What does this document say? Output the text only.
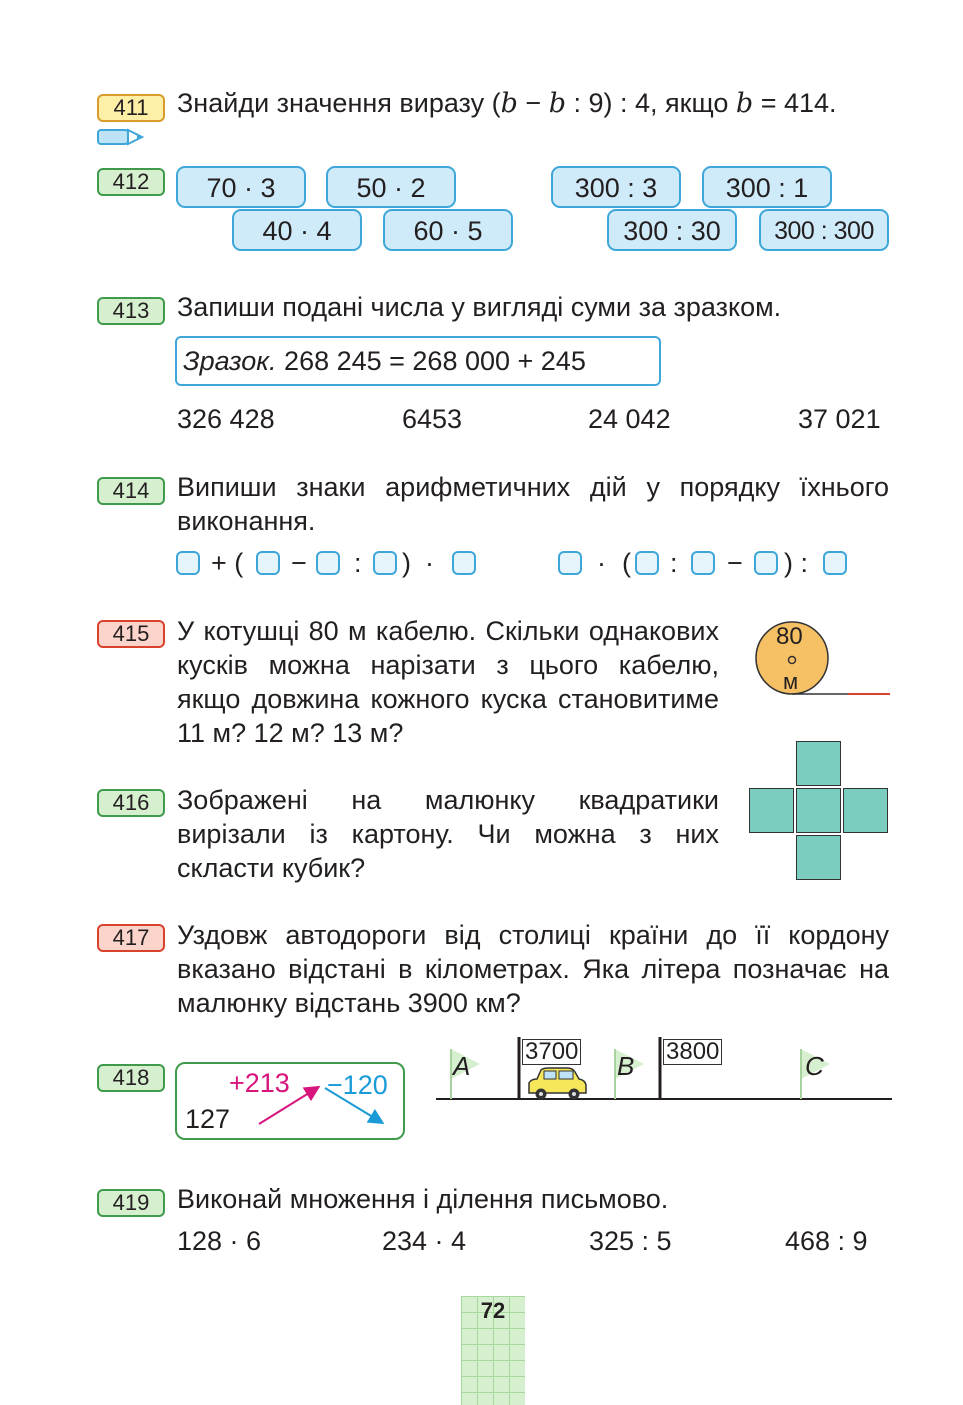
411	Знайди значення виразу (b − b : 9) : 4, якщо b = 414.
412	70 · 3	50 · 2
40 · 4	60 · 5
300 : 3	300 : 1
300 : 30	300 : 300
413	Запиши подані числа у вигляді суми за зразком.
Зразок. 268 245 = 268 000 + 245
326 428	6453	24 042	37 021
414	Випиши знаки арифметичних дій у порядку їхнього виконання.
+ ( − : ) ·	· ( : − ) :
415	У котушці 80 м кабелю. Скільки однакових кусків можна нарізати з цього кабелю, якщо довжина кожного куска становитиме 11 м? 12 м? 13 м?
80
м
416	Зображені на малюнку квадратики вирізали із картону. Чи можна з них скласти кубик?
417	Уздовж автодороги від столиці країни до її кордону вказано відстані в кілометрах. Яка літера позначає на малюнку відстань 3900 км?
418
127
+213 −120
A	B	C
3700	3800
419	Виконай множення і ділення письмово.
128 · 6	234 · 4	325 : 5	468 : 9
72
